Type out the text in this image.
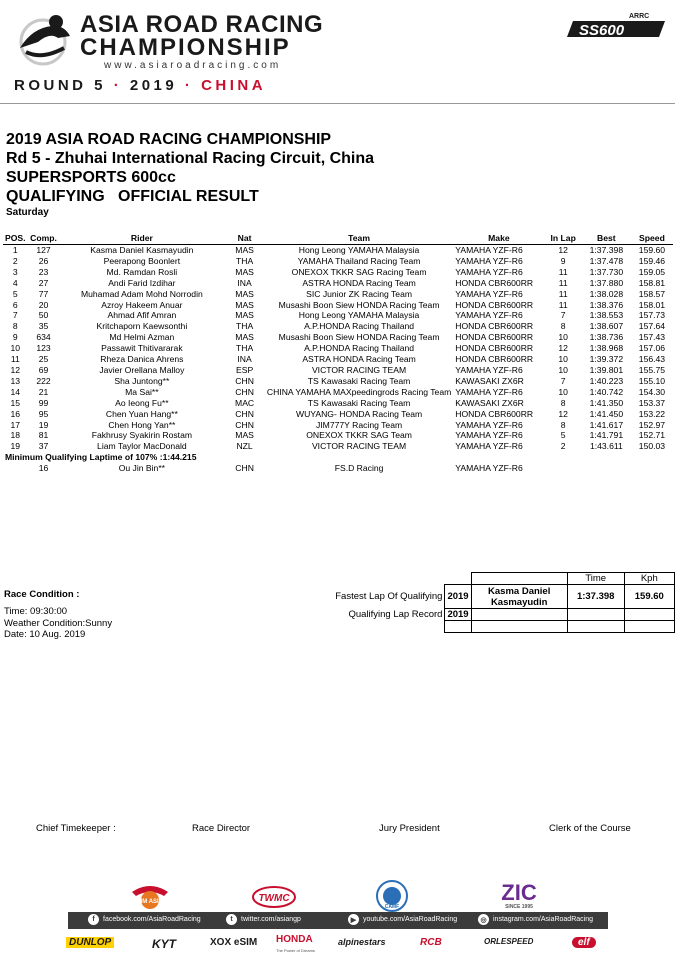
ASIA ROAD RACING
CHAMPIONSHIP
www.asiaroadracing.com
ARRC
SS600
ROUND 5 · 2019 · CHINA
2019 ASIA ROAD RACING CHAMPIONSHIP
Rd 5 - Zhuhai International Racing Circuit, China
SUPERSPORTS 600cc
QUALIFYING   OFFICIAL RESULT
Saturday
POS.	Comp.	Rider	Nat	Team	Make	In Lap	Best	Speed
1	127	Kasma Daniel Kasmayudin	MAS	Hong Leong YAMAHA Malaysia	YAMAHA YZF-R6	12	1:37.398	159.60
2	26	Peerapong Boonlert	THA	YAMAHA Thailand Racing Team	YAMAHA YZF-R6	9	1:37.478	159.46
3	23	Md. Ramdan Rosli	MAS	ONEXOX TKKR SAG Racing Team	YAMAHA YZF-R6	11	1:37.730	159.05
4	27	Andi Farid Izdihar	INA	ASTRA HONDA Racing Team	HONDA CBR600RR	11	1:37.880	158.81
5	77	Muhamad Adam Mohd Norrodin	MAS	SIC Junior ZK Racing Team	YAMAHA YZF-R6	11	1:38.028	158.57
6	20	Azroy Hakeem Anuar	MAS	Musashi Boon Siew HONDA Racing Team	HONDA CBR600RR	11	1:38.376	158.01
7	50	Ahmad Afif Amran	MAS	Hong Leong YAMAHA Malaysia	YAMAHA YZF-R6	7	1:38.553	157.73
8	35	Kritchaporn Kaewsonthi	THA	A.P.HONDA Racing Thailand	HONDA CBR600RR	8	1:38.607	157.64
9	634	Md Helmi Azman	MAS	Musashi Boon Siew HONDA Racing Team	HONDA CBR600RR	10	1:38.736	157.43
10	123	Passawit Thitivararak	THA	A.P.HONDA Racing Thailand	HONDA CBR600RR	12	1:38.968	157.06
11	25	Rheza Danica Ahrens	INA	ASTRA HONDA Racing Team	HONDA CBR600RR	10	1:39.372	156.43
12	69	Javier Orellana Malloy	ESP	VICTOR RACING TEAM	YAMAHA YZF-R6	10	1:39.801	155.75
13	222	Sha Juntong**	CHN	TS Kawasaki Racing Team	KAWASAKI ZX6R	7	1:40.223	155.10
14	21	Ma Sai**	CHN	CHINA YAMAHA MAXpeedingrods Racing Team	YAMAHA YZF-R6	10	1:40.742	154.30
15	99	Ao Ieong Fu**	MAC	TS Kawasaki Racing Team	KAWASAKI ZX6R	8	1:41.350	153.37
16	95	Chen Yuan Hang**	CHN	WUYANG- HONDA Racing Team	HONDA CBR600RR	12	1:41.450	153.22
17	19	Chen Hong Yan**	CHN	JIM777Y Racing Team	YAMAHA YZF-R6	8	1:41.617	152.97
18	81	Fakhrusy Syakirin Rostam	MAS	ONEXOX TKKR SAG Team	YAMAHA YZF-R6	5	1:41.791	152.71
19	37	Liam Taylor MacDonald	NZL	VICTOR RACING TEAM	YAMAHA YZF-R6	2	1:43.611	150.03
Minimum Qualifying Laptime of 107% :1:44.215								
	16	Ou Jin Bin**	CHN	FS.D Racing	YAMAHA YZF-R6			
Race Condition :
Time: 09:30:00
Weather Condition:Sunny
Date: 10 Aug. 2019
			Time	Kph
Fastest Lap Of Qualifying	2019	Kasma Daniel Kasmayudin	1:37.398	159.60
Qualifying Lap Record	2019			

Chief Timekeeper :	Race Director	Jury President	Clerk of the Course
FIM ASIA	TWMC
CAMF
ZIC
SINCE 1995
f	facebook.com/AsiaRoadRacing	t	twitter.com/asiangp	▶ youtube.com/AsiaRoadRacing	◎ instagram.com/AsiaRoadRacing
DUNLOP	KYT	XOX eSIM HONDA
The Power of Dreams
alpinestars	RCB	ORLESPEED	elf
